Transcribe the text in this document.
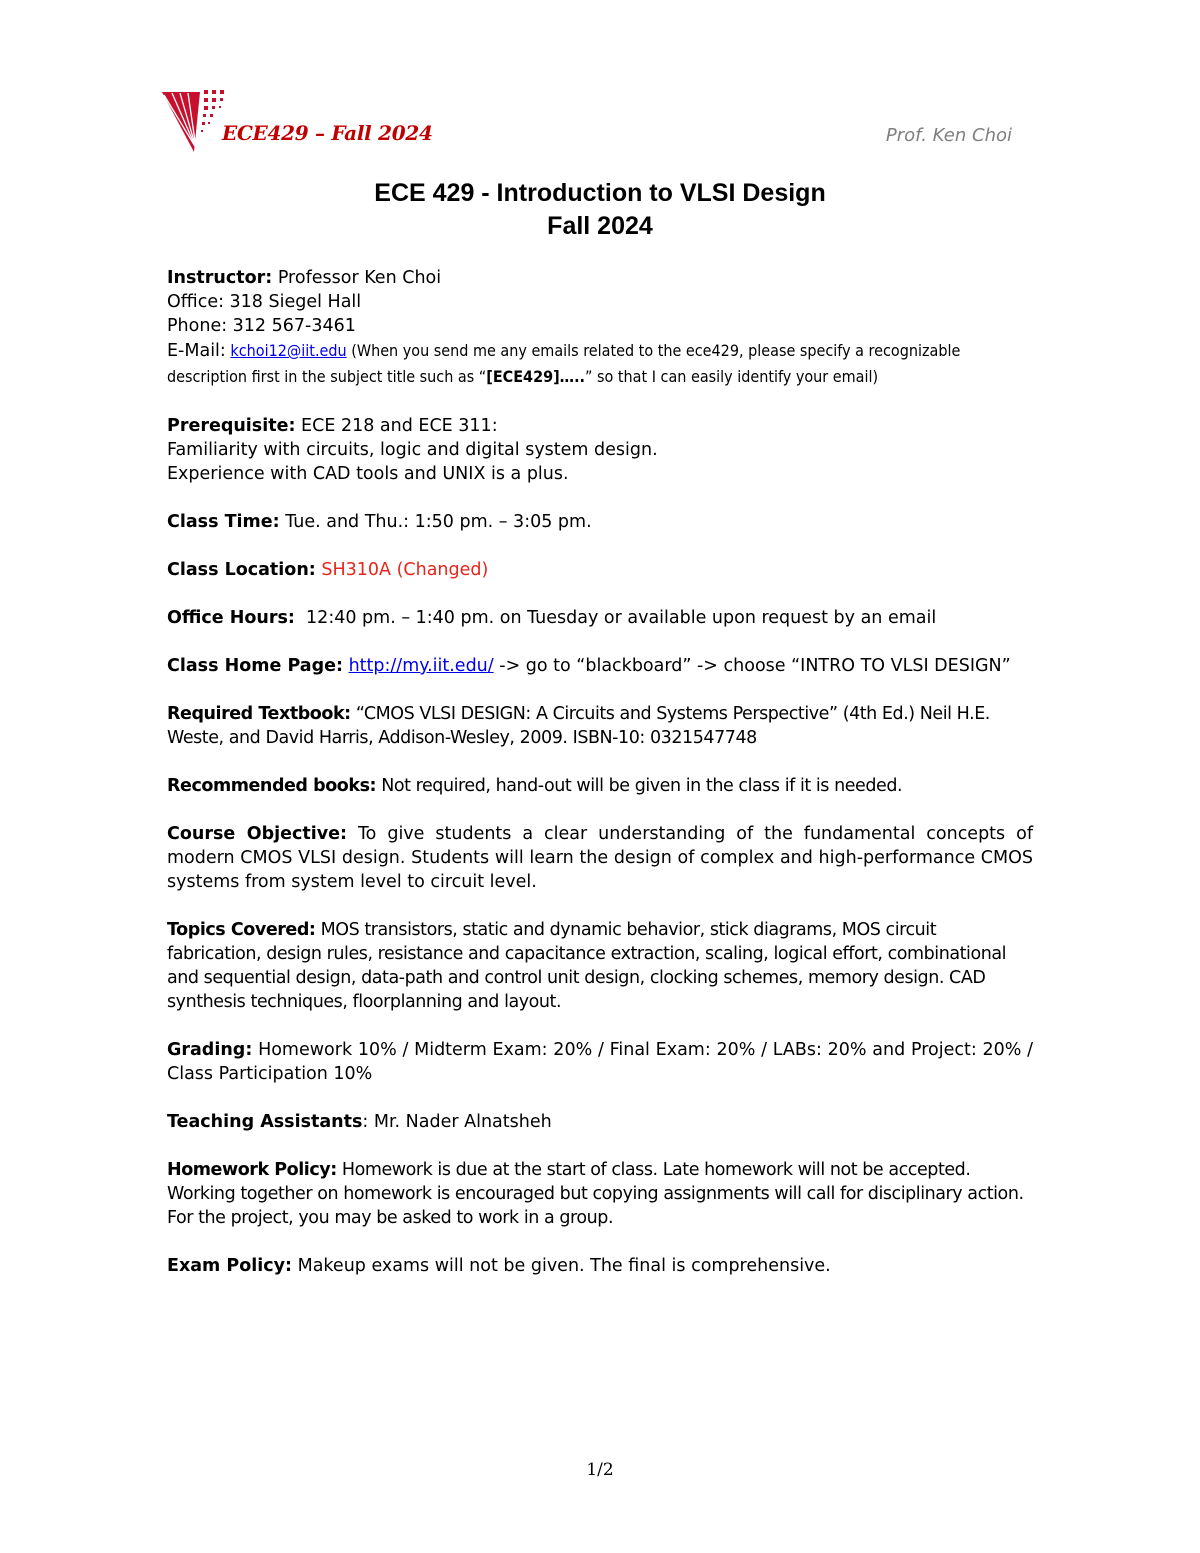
ECE429 – Fall 2024	Prof. Ken Choi
ECE 429 - Introduction to VLSI Design
Fall 2024

Instructor: Professor Ken Choi

Office: 318 Siegel Hall

Phone: 312 567-3461

E-Mail: kchoi12@iit.edu (When you send me any emails related to the ece429, please specify a recognizable description first in the subject title such as “[ECE429]…..” so that I can easily identify your email)

Prerequisite: ECE 218 and ECE 311:

Familiarity with circuits, logic and digital system design.

Experience with CAD tools and UNIX is a plus.

Class Time: Tue. and Thu.: 1:50 pm. – 3:05 pm.

Class Location: SH310A (Changed)

Office Hours: 12:40 pm. – 1:40 pm. on Tuesday or available upon request by an email

Class Home Page: http://my.iit.edu/ -> go to “blackboard” -> choose “INTRO TO VLSI DESIGN”

Required Textbook: “CMOS VLSI DESIGN: A Circuits and Systems Perspective” (4th Ed.) Neil H.E. Weste, and David Harris, Addison-Wesley, 2009. ISBN-10: 0321547748

Recommended books: Not required, hand-out will be given in the class if it is needed.

Course Objective: To give students a clear understanding of the fundamental concepts of modern CMOS VLSI design. Students will learn the design of complex and high-performance CMOS systems from system level to circuit level.

Topics Covered: MOS transistors, static and dynamic behavior, stick diagrams, MOS circuit fabrication, design rules, resistance and capacitance extraction, scaling, logical effort, combinational and sequential design, data-path and control unit design, clocking schemes, memory design. CAD synthesis techniques, floorplanning and layout.

Grading: Homework 10% / Midterm Exam: 20% / Final Exam: 20% / LABs: 20% and Project: 20% / Class Participation 10%

Teaching Assistants: Mr. Nader Alnatsheh

Homework Policy: Homework is due at the start of class. Late homework will not be accepted. Working together on homework is encouraged but copying assignments will call for disciplinary action. For the project, you may be asked to work in a group.

Exam Policy: Makeup exams will not be given. The final is comprehensive.

1/2
